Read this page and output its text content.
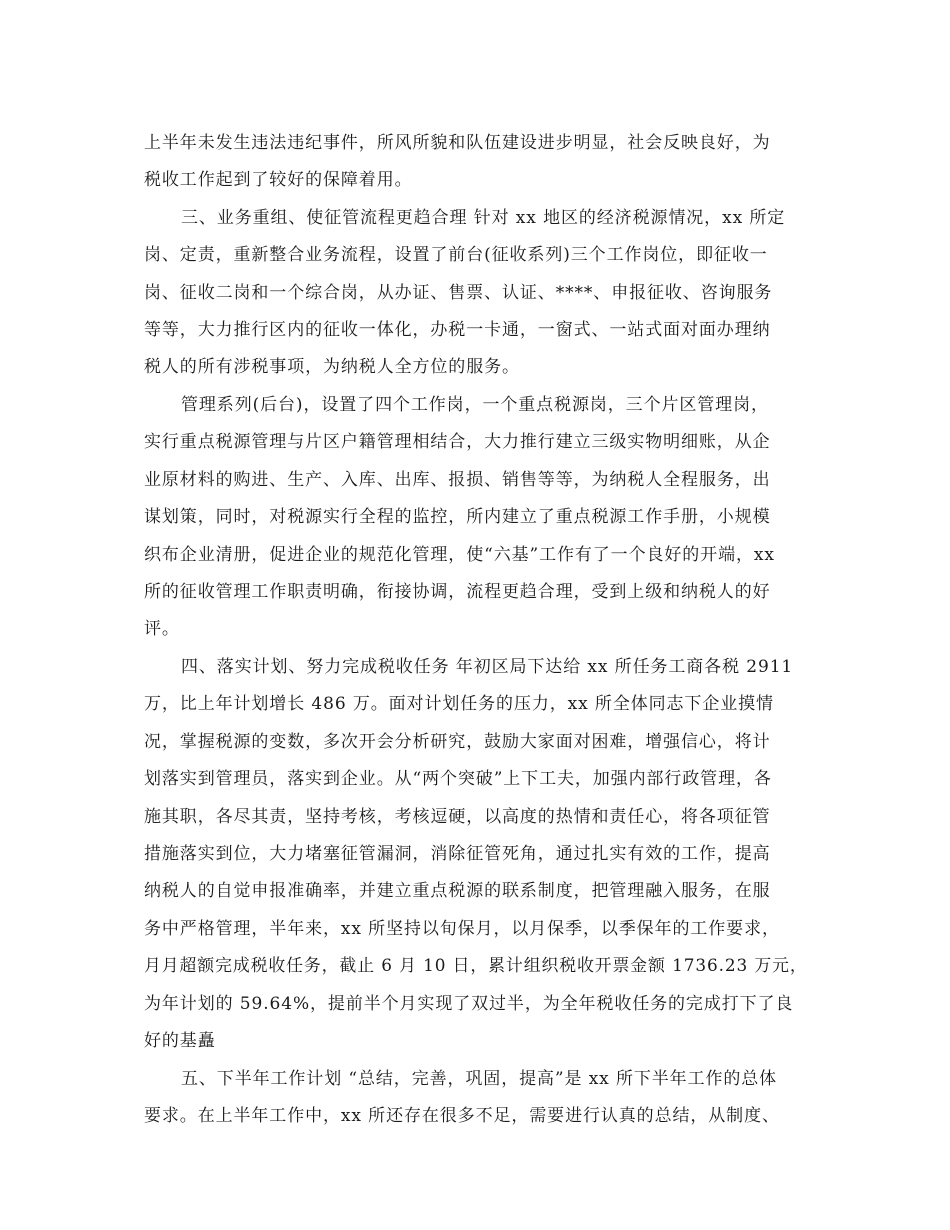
上半年未发生违法违纪事件，所风所貌和队伍建设进步明显，社会反映良好，为
税收工作起到了较好的保障着用。
三、业务重组、使征管流程更趋合理 针对 xx 地区的经济税源情况，xx 所定
岗、定责，重新整合业务流程，设置了前台(征收系列)三个工作岗位，即征收一
岗、征收二岗和一个综合岗，从办证、售票、认证、****、申报征收、咨询服务
等等，大力推行区内的征收一体化，办税一卡通，一窗式、一站式面对面办理纳
税人的所有涉税事项，为纳税人全方位的服务。
管理系列(后台)，设置了四个工作岗，一个重点税源岗，三个片区管理岗，
实行重点税源管理与片区户籍管理相结合，大力推行建立三级实物明细账，从企
业原材料的购进、生产、入库、出库、报损、销售等等，为纳税人全程服务，出
谋划策，同时，对税源实行全程的监控，所内建立了重点税源工作手册，小规模
织布企业清册，促进企业的规范化管理，使“六基”工作有了一个良好的开端，xx
所的征收管理工作职责明确，衔接协调，流程更趋合理，受到上级和纳税人的好
评。
四、落实计划、努力完成税收任务 年初区局下达给 xx 所任务工商各税 2911
万，比上年计划增长 486 万。面对计划任务的压力，xx 所全体同志下企业摸情
况，掌握税源的变数，多次开会分析研究，鼓励大家面对困难，增强信心，将计
划落实到管理员，落实到企业。从“两个突破”上下工夫，加强内部行政管理，各
施其职，各尽其责，坚持考核，考核逗硬，以高度的热情和责任心，将各项征管
措施落实到位，大力堵塞征管漏洞，消除征管死角，通过扎实有效的工作，提高
纳税人的自觉申报准确率，并建立重点税源的联系制度，把管理融入服务，在服
务中严格管理，半年来，xx 所坚持以旬保月，以月保季，以季保年的工作要求，
月月超额完成税收任务，截止 6 月 10 日，累计组织税收开票金额 1736.23 万元，
为年计划的 59.64%，提前半个月实现了双过半，为全年税收任务的完成打下了良
好的基矗
五、下半年工作计划 “总结，完善，巩固，提高”是 xx 所下半年工作的总体
要求。在上半年工作中，xx 所还存在很多不足，需要进行认真的总结，从制度、
